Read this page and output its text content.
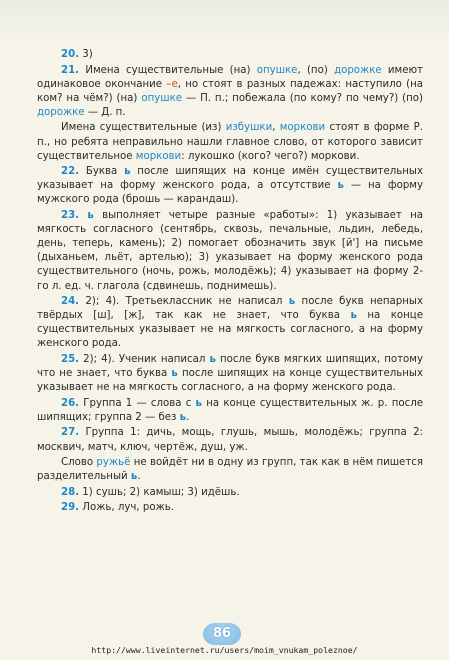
20. 3)

21. Имена существительные (на) опушке, (по) дорожке имеют одинаковое окончание –е, но стоят в разных падежах: наступило (на ком? на чём?) (на) опушке — П. п.; побежала (по кому? по чему?) (по) дорожке — Д. п.

Имена существительные (из) избушки, моркови стоят в форме Р. п., но ребята неправильно нашли главное слово, от которого зависит существительное моркови: лукошко (кого? чего?) моркови.

22. Буква ь после шипящих на конце имён существительных указывает на форму женского рода, а отсутствие ь — на форму мужского рода (брошь — карандаш).

23. ь выполняет четыре разные «работы»: 1) указывает на мягкость согласного (сентябрь, сквозь, печальные, льдин, лебедь, день, теперь, камень); 2) помогает обозначить звук [й'] на письме (дыханьем, льёт, артелью); 3) указывает на форму женского рода существительного (ночь, рожь, молодёжь); 4) указывает на форму 2-го л. ед. ч. глагола (сдвинешь, поднимешь).

24. 2); 4). Третьеклассник не написал ь после букв непарных твёрдых [ш], [ж], так как не знает, что буква ь на конце существительных указывает не на мягкость согласного, а на форму женского рода.

25. 2); 4). Ученик написал ь после букв мягких шипящих, потому что не знает, что буква ь после шипящих на конце существительных указывает не на мягкость согласного, а на форму женского рода.

26. Группа 1 — слова с ь на конце существительных ж. р. после шипящих; группа 2 — без ь.

27. Группа 1: дичь, мощь, глушь, мышь, молодёжь; группа 2: москвич, матч, ключ, чертёж, душ, уж.

Слово ружьё не войдёт ни в одну из групп, так как в нём пишется разделительный ь.

28. 1) сушь; 2) камыш; 3) идёшь.

29. Ложь, луч, рожь.

86
http://www.liveinternet.ru/users/moim_vnukam_poleznoe/
